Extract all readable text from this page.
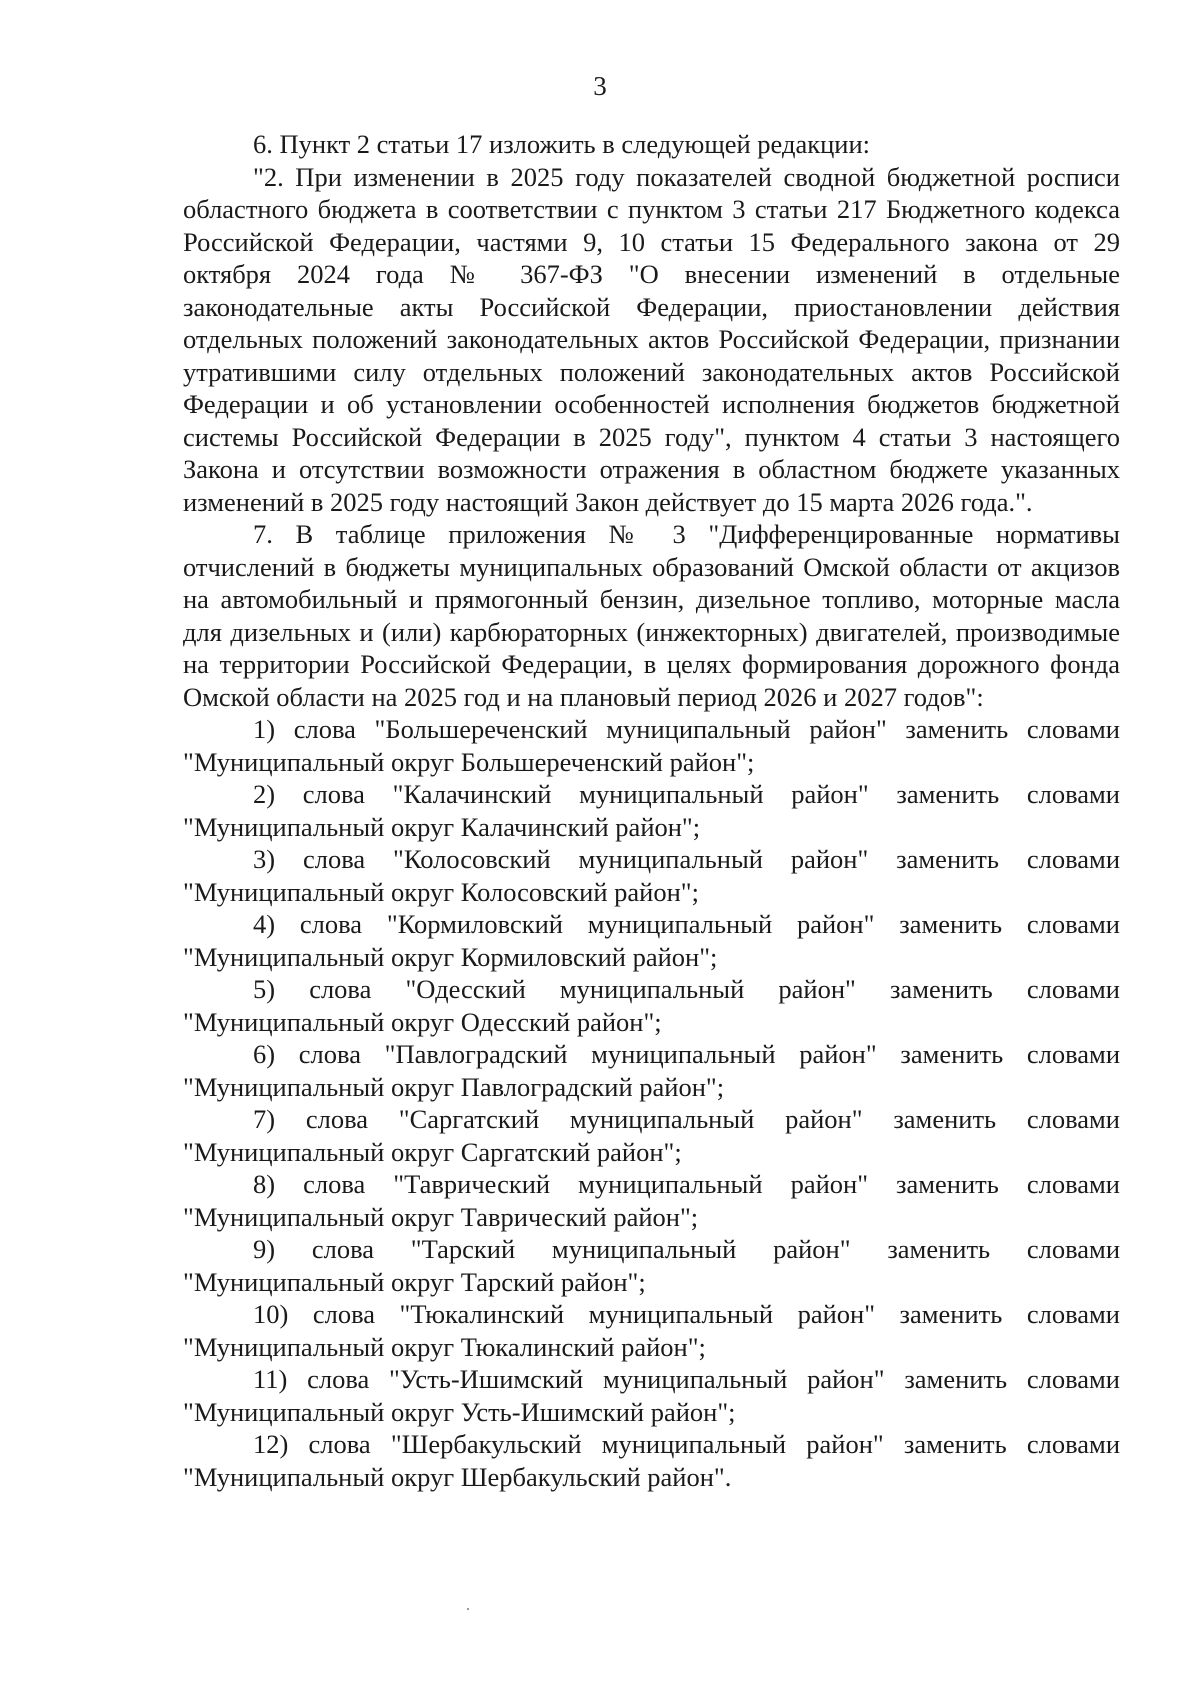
3

6. Пункт 2 статьи 17 изложить в следующей редакции:

"2. При изменении в 2025 году показателей сводной бюджетной росписи областного бюджета в соответствии с пунктом 3 статьи 217 Бюджетного кодекса Российской Федерации, частями 9, 10 статьи 15 Федерального закона от 29 октября 2024 года № 367-ФЗ "О внесении изменений в отдельные законодательные акты Российской Федерации, приостановлении действия отдельных положений законодательных актов Российской Федерации, признании утратившими силу отдельных положений законодательных актов Российской Федерации и об установлении особенностей исполнения бюджетов бюджетной системы Российской Федерации в 2025 году", пунктом 4 статьи 3 настоящего Закона и отсутствии возможности отражения в областном бюджете указанных изменений в 2025 году настоящий Закон действует до 15 марта 2026 года.".

7. В таблице приложения № 3 "Дифференцированные нормативы отчислений в бюджеты муниципальных образований Омской области от акцизов на автомобильный и прямогонный бензин, дизельное топливо, моторные масла для дизельных и (или) карбюраторных (инжекторных) двигателей, производимые на территории Российской Федерации, в целях формирования дорожного фонда Омской области на 2025 год и на плановый период 2026 и 2027 годов":

1) слова "Большереченский муниципальный район" заменить словами "Муниципальный округ Большереченский район";

2) слова "Калачинский муниципальный район" заменить словами "Муниципальный округ Калачинский район";

3) слова "Колосовский муниципальный район" заменить словами "Муниципальный округ Колосовский район";

4) слова "Кормиловский муниципальный район" заменить словами "Муниципальный округ Кормиловский район";

5) слова "Одесский муниципальный район" заменить словами "Муниципальный округ Одесский район";

6) слова "Павлоградский муниципальный район" заменить словами "Муниципальный округ Павлоградский район";

7) слова "Саргатский муниципальный район" заменить словами "Муниципальный округ Саргатский район";

8) слова "Таврический муниципальный район" заменить словами "Муниципальный округ Таврический район";

9) слова "Тарский муниципальный район" заменить словами "Муниципальный округ Тарский район";

10) слова "Тюкалинский муниципальный район" заменить словами "Муниципальный округ Тюкалинский район";

11) слова "Усть-Ишимский муниципальный район" заменить словами "Муниципальный округ Усть-Ишимский район";

12) слова "Шербакульский муниципальный район" заменить словами "Муниципальный округ Шербакульский район".
